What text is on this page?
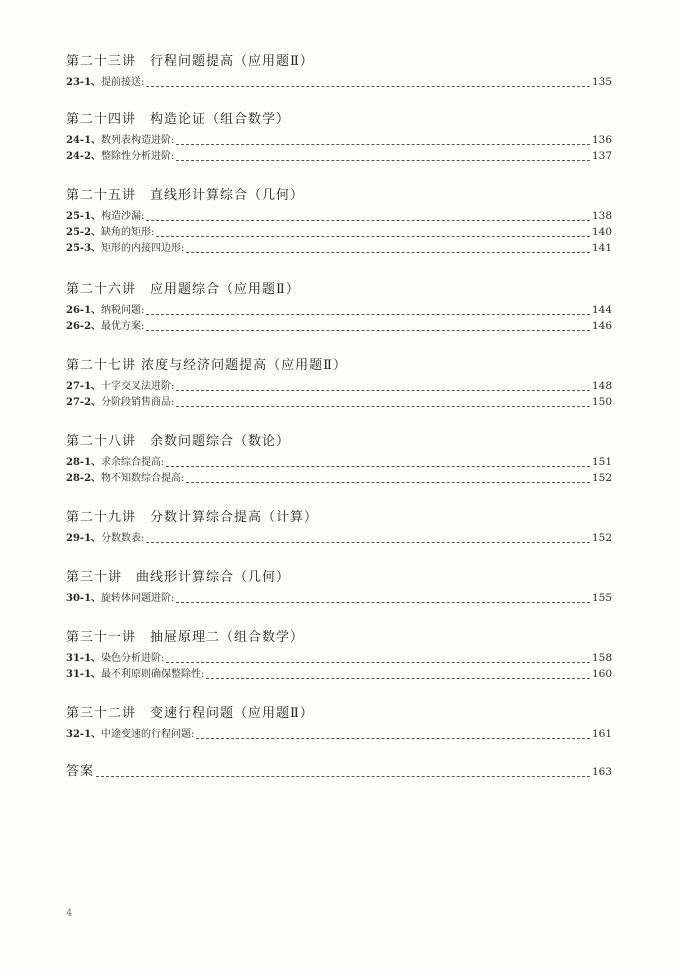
第二十三讲　行程问题提高（应用题Ⅱ）
23-1、提前接送:	135
第二十四讲　构造论证（组合数学）
24-1、数列表构造进阶:	136
24-2、整除性分析进阶:	137
第二十五讲　直线形计算综合（几何）
25-1、构造沙漏:	138
25-2、缺角的矩形:	140
25-3、矩形的内接四边形:	141
第二十六讲　应用题综合（应用题Ⅱ）
26-1、纳税问题:	144
26-2、最优方案:	146
第二十七讲 浓度与经济问题提高（应用题Ⅱ）
27-1、十字交叉法进阶:	148
27-2、分阶段销售商品:	150
第二十八讲　余数问题综合（数论）
28-1、求余综合提高:	151
28-2、物不知数综合提高:	152
第二十九讲　分数计算综合提高（计算）
29-1、分数数表:	152
第三十讲　曲线形计算综合（几何）
30-1、旋转体问题进阶:	155
第三十一讲　抽屉原理二（组合数学）
31-1、染色分析进阶:	158
31-1、最不利原则确保整除性:	160
第三十二讲　变速行程问题（应用题Ⅱ）
32-1、中途变速的行程问题:	161
答案	163
4
